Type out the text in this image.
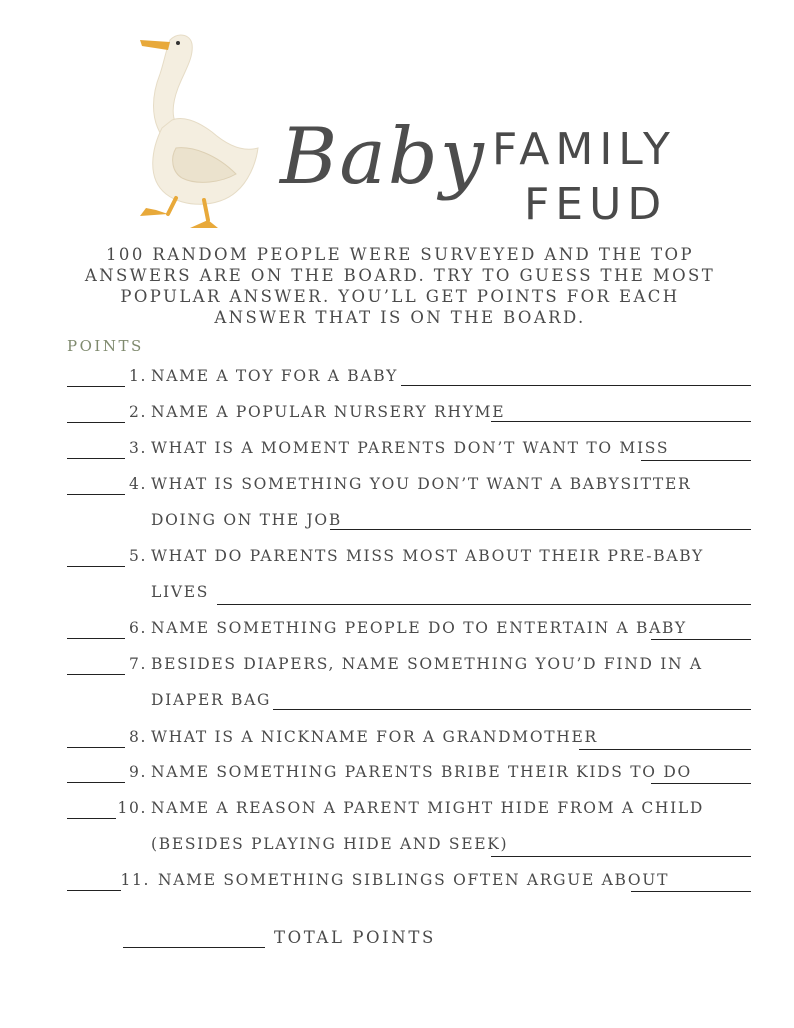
Baby FAMILY
FEUD
100 RANDOM PEOPLE WERE SURVEYED AND THE TOP
ANSWERS ARE ON THE BOARD. TRY TO GUESS THE MOST
POPULAR ANSWER. YOU’LL GET POINTS FOR EACH
ANSWER THAT IS ON THE BOARD.
POINTS
1. NAME A TOY FOR A BABY
2. NAME A POPULAR NURSERY RHYME
3. WHAT IS A MOMENT PARENTS DON’T WANT TO MISS
4. WHAT IS SOMETHING YOU DON’T WANT A BABYSITTER
DOING ON THE JOB
5. WHAT DO PARENTS MISS MOST ABOUT THEIR PRE-BABY
LIVES
6. NAME SOMETHING PEOPLE DO TO ENTERTAIN A BABY
7. BESIDES DIAPERS, NAME SOMETHING YOU’D FIND IN A
DIAPER BAG
8. WHAT IS A NICKNAME FOR A GRANDMOTHER
9. NAME SOMETHING PARENTS BRIBE THEIR KIDS TO DO
10. NAME A REASON A PARENT MIGHT HIDE FROM A CHILD
(BESIDES PLAYING HIDE AND SEEK)
11. NAME SOMETHING SIBLINGS OFTEN ARGUE ABOUT
TOTAL POINTS
